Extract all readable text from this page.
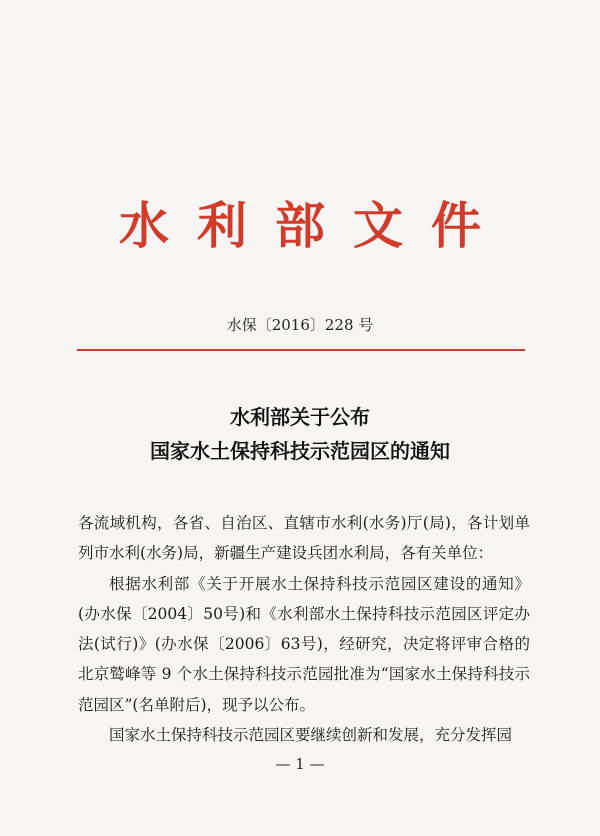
水利部文件
水保〔2016〕228 号
水利部关于公布
国家水土保持科技示范园区的通知

各流域机构，各省、自治区、直辖市水利(水务)厅(局)，各计划单列市水利(水务)局，新疆生产建设兵团水利局，各有关单位：

根据水利部《关于开展水土保持科技示范园区建设的通知》(办水保〔2004〕50号)和《水利部水土保持科技示范园区评定办法(试行)》(办水保〔2006〕63号)，经研究，决定将评审合格的北京鹫峰等 9 个水土保持科技示范园批准为“国家水土保持科技示范园区”(名单附后)，现予以公布。

国家水土保持科技示范园区要继续创新和发展，充分发挥园

— 1 —
